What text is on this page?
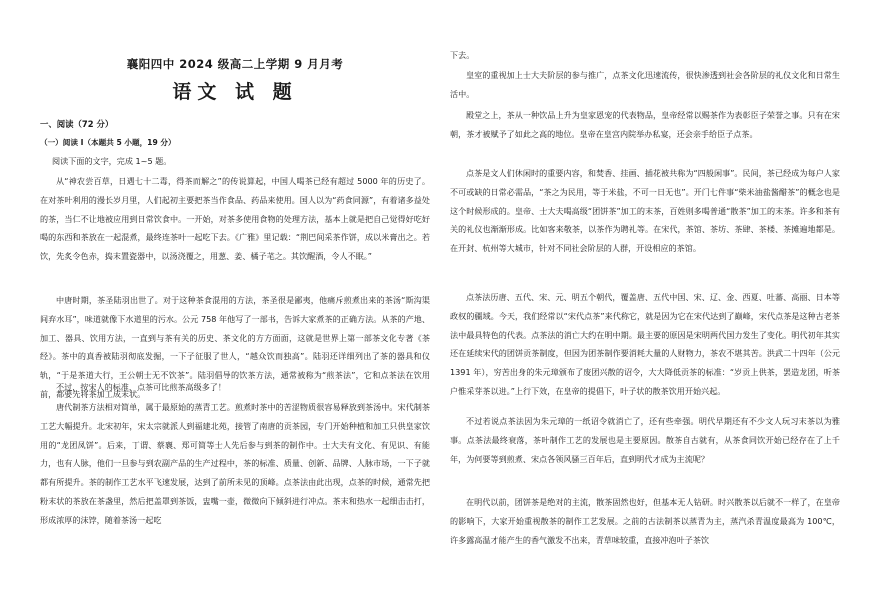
襄阳四中 2024 级高二上学期 9 月月考
语文 试 题

一、阅读（72 分）

（一）阅读 I（本题共 5 小题，19 分）

阅读下面的文字，完成 1~5 题。

从“神农尝百草，日遇七十二毒，得茶而解之”的传说算起，中国人喝茶已经有超过 5000 年的历史了。在对茶叶利用的漫长岁月里，人们起初主要把茶当作食品、药品来使用。国人以为“药食同源”，有着诸多益处的茶，当仁不让地被应用到日常饮食中。一开始，对茶多使用食物的处理方法，基本上就是把自己觉得好吃好喝的东西和茶放在一起混煮，最终连茶叶一起吃下去。《广雅》里记载：“荆巴间采茶作饼，成以米膏出之。若饮，先炙令色赤，捣末置瓷器中，以汤浇覆之，用葱、姜、橘子芼之。其饮醒酒，令人不眠。”

中唐时期，茶圣陆羽出世了。对于这种茶食混用的方法，茶圣很是鄙夷，他痛斥煎煮出来的茶汤“斯沟渠间弃水耳”，味道就像下水道里的污水。公元 758 年他写了一部书，告诉大家煮茶的正确方法。从茶的产地、加工、器具、饮用方法，一直到与茶有关的历史、茶文化的方方面面，这就是世界上第一部茶文化专著《茶经》。茶中的真香被陆羽彻底发掘，一下子征服了世人，“越众饮而独高”。陆羽还详细列出了茶的器具和仪轨，“于是茶道大行，王公朝士无不饮茶”。陆羽倡导的饮茶方法，通常被称为“煎茶法”，它和点茶法在饮用前，都要先将茶加工成末状。

不过，按宋人的标准，点茶可比煎茶高级多了！

唐代制茶方法相对简单，属于最原始的蒸青工艺。煎煮时茶中的苦涩物质很容易释放到茶汤中。宋代制茶工艺大幅提升。北宋初年，宋太宗就派人到福建北苑，接管了南唐的贡茶园，专门开始种植和加工只供皇家饮用的“龙团凤饼”。后来，丁谓、蔡襄、郑可简等士人先后参与到茶的制作中。士大夫有文化、有见识、有能力，也有人脉，他们一旦参与到农副产品的生产过程中，茶的标准、质量、创新、品牌、人脉市场，一下子就都有所提升。茶的制作工艺水平飞速发展，达到了前所未见的顶峰。点茶法由此出现，点茶的时候，通常先把粉末状的茶放在茶盏里，然后把盖罩到茶饭，盅嘴一壶，微微向下倾斜进行冲点。茶末和热水一起细击击打，形成浓厚的沫饽，随着茶汤一起吃

下去。

皇室的重视加上士大夫阶层的参与推广，点茶文化迅速流传，很快渗透到社会各阶层的礼仪文化和日常生活中。

殿堂之上，茶从一种饮品上升为皇家恩宠的代表物品，皇帝经常以赐茶作为表彰臣子荣誉之事。只有在宋朝，茶才被赋予了如此之高的地位。皇帝在皇宫内院举办私宴，还会亲手给臣子点茶。

点茶是文人们休闲时的重要内容，和焚香、挂画、插花被共称为“四般闲事”。民间，茶已经成为每户人家不可或缺的日常必需品，“茶之为民用，等于米盐，不可一日无也”。开门七件事“柴米油盐酱醋茶”的概念也是这个时候形成的。皇帝、士大夫喝高级“团饼茶”加工的末茶，百姓则多喝普通“散茶”加工的末茶。许多和茶有关的礼仪也渐渐形成。比如客来敬茶，以茶作为聘礼等。在宋代，茶馆、茶坊、茶肆、茶楼、茶摊遍地都是。在开封、杭州等大城市，针对不同社会阶层的人群，开设相应的茶馆。

点茶法历唐、五代、宋、元、明五个朝代，覆盖唐、五代中国、宋、辽、金、西夏、吐蕃、高丽、日本等政权的疆域。今天，我们经常以“宋代点茶”来代称它，就是因为它在宋代达到了巅峰，宋代点茶是这种古老茶法中最具特色的代表。点茶法的消亡大约在明中期。最主要的原因是宋明两代国力发生了变化。明代初年其实还在延续宋代的团饼贡茶制度，但因为团茶制作要消耗大量的人财物力，茶农不堪其苦。洪武二十四年（公元 1391 年），穷苦出身的朱元璋颁布了废团兴散的诏令，大大降低贡茶的标准：“岁贡上供茶，罢造龙团，听茶户惟采芽茶以进。”上行下效，在皇帝的提倡下，叶子状的散茶饮用开始兴起。

不过若说点茶法因为朱元璋的一纸诏令就消亡了，还有些牵强。明代早期还有不少文人玩习末茶以为雅事。点茶法最终衰落，茶叶制作工艺的发展也是主要原因。散茶自古就有，从茶食同饮开始已经存在了上千年，为何要等到煎煮、宋点各领风骚三百年后，直到明代才成为主流呢？

在明代以前，团饼茶是绝对的主流，散茶固然也好，但基本无人钻研。时兴散茶以后就不一样了，在皇帝的影响下，大家开始重视散茶的制作工艺发展。之前的古法制茶以蒸青为主，蒸汽杀青温度最高为 100℃，许多露高温才能产生的香气激发不出来，青草味较重，直接冲泡叶子茶饮
